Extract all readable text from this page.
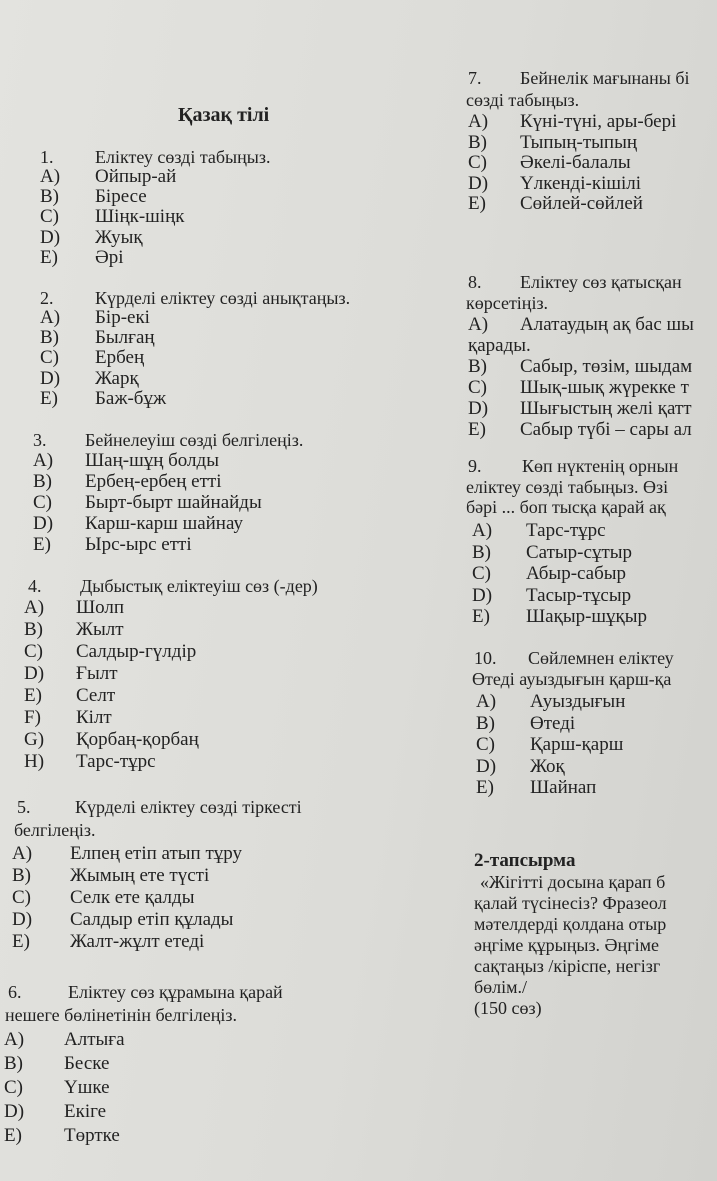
Қазақ тілі
1. Еліктеу сөзді табыңыз.
A)	Ойпыр-ай
B)	Біресе
C)	Шіңк-шіңк
D)	Жуық
E)	Әрі
2. Күрделі еліктеу сөзді анықтаңыз.
A)	Бір-екі
B)	Былғаң
C)	Ербең
D)	Жарқ
E)	Баж-бұж
3. Бейнелеуіш сөзді белгілеңіз.
A)	Шаң-шұң болды
B)	Ербең-ербең етті
C)	Бырт-бырт шайнайды
D)	Карш-карш шайнау
E)	Ырс-ырс етті
4. Дыбыстық еліктеуіш сөз (-дер)
A)	Шолп
B)	Жылт
C)	Салдыр-гүлдір
D)	Ғылт
E)	Селт
F)	Кілт
G)	Қорбаң-қорбаң
H)	Тарс-тұрс
5. Күрделі еліктеу сөзді тіркесті
белгілеңіз.
A)	Елпең етіп атып тұру
B)	Жымың ете түсті
C)	Селк ете қалды
D)	Салдыр етіп құлады
E)	Жалт-жұлт етеді
6.	Еліктеу сөз құрамына қарай
нешеге бөлінетінін белгілеңіз.
A)	Алтыға
B)	Беске
C)	Үшке
D)	Екіге
E)	Төртке
7. Бейнелік мағынаны бі
сөзді табыңыз.
A)	Күні-түні, ары-бері
B)	Тыпың-тыпың
C)	Әкелі-балалы
D)	Үлкенді-кішілі
E)	Сөйлей-сөйлей
8. Еліктеу сөз қатысқан
көрсетіңіз.
A)	Алатаудың ақ бас шы
қарады.
B)	Сабыр, төзім, шыдам
C)	Шық-шық жүрекке т
D)	Шығыстың желі қатт
E)	Сабыр түбі – сары ал
9. Көп нүктенің орнын
еліктеу сөзді табыңыз. Өзі
бәрі ... боп тысқа қарай ақ
A)	Тарс-тұрс
B)	Сатыр-сұтыр
C)	Абыр-сабыр
D)	Тасыр-тұсыр
E)	Шақыр-шұқыр
10. Сөйлемнен еліктеу
Өтеді ауыздығын қарш-қа
A)	Ауыздығын
B)	Өтеді
C)	Қарш-қарш
D)	Жоқ
E)	Шайнап
2-тапсырма
«Жігітті досына қарап б
қалай түсінесіз? Фразеол
мәтелдерді қолдана отыр
әңгіме құрыңыз. Әңгіме
сақтаңыз /кіріспе, негізг
бөлім./
(150 сөз)
